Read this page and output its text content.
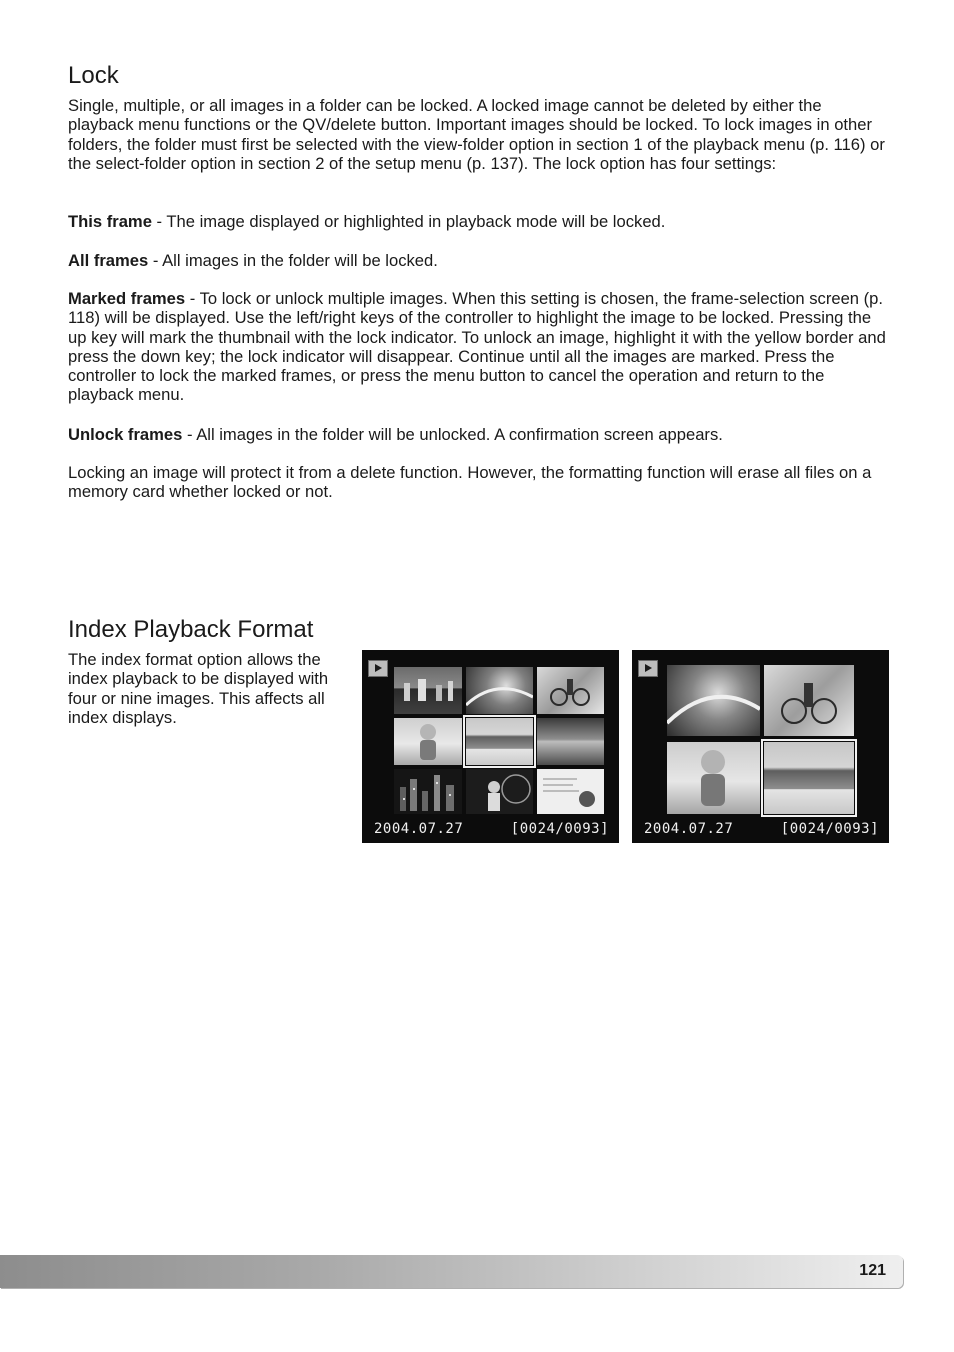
Lock

Single, multiple, or all images in a folder can be locked. A locked image cannot be deleted by either the playback menu functions or the QV/delete button. Important images should be locked. To lock images in other folders, the folder must first be selected with the view-folder option in section 1 of the playback menu (p. 116) or the select-folder option in section 2 of the setup menu (p. 137). The lock option has four settings:

This frame - The image displayed or highlighted in playback mode will be locked.

All frames - All images in the folder will be locked.

Marked frames - To lock or unlock multiple images. When this setting is chosen, the frame-selection screen (p. 118) will be displayed. Use the left/right keys of the controller to highlight the image to be locked. Pressing the up key will mark the thumbnail with the lock indicator. To unlock an image, highlight it with the yellow border and press the down key; the lock indicator will disappear. Continue until all the images are marked. Press the controller to lock the marked frames, or press the menu button to cancel the operation and return to the playback menu.

Unlock frames - All images in the folder will be unlocked. A confirmation screen appears.

Locking an image will protect it from a delete function. However, the formatting function will erase all files on a memory card whether locked or not.

Index Playback Format

The index format option allows the index playback to be displayed with four or nine images. This affects all index displays.

2004.07.27	[0024/0093]	2004.07.27	[0024/0093]
121
